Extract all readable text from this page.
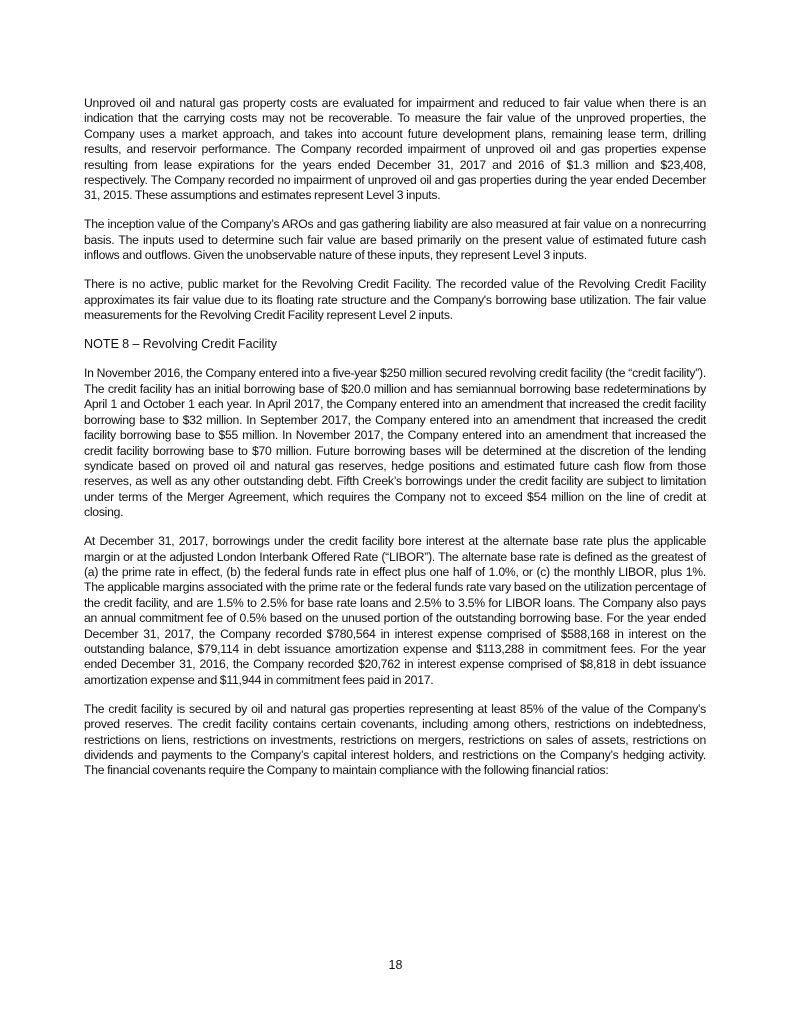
Unproved oil and natural gas property costs are evaluated for impairment and reduced to fair value when there is an indication that the carrying costs may not be recoverable. To measure the fair value of the unproved properties, the Company uses a market approach, and takes into account future development plans, remaining lease term, drilling results, and reservoir performance. The Company recorded impairment of unproved oil and gas properties expense resulting from lease expirations for the years ended December 31, 2017 and 2016 of $1.3 million and $23,408, respectively. The Company recorded no impairment of unproved oil and gas properties during the year ended December 31, 2015. These assumptions and estimates represent Level 3 inputs.

The inception value of the Company’s AROs and gas gathering liability are also measured at fair value on a nonrecurring basis. The inputs used to determine such fair value are based primarily on the present value of estimated future cash inflows and outflows. Given the unobservable nature of these inputs, they represent Level 3 inputs.

There is no active, public market for the Revolving Credit Facility. The recorded value of the Revolving Credit Facility approximates its fair value due to its floating rate structure and the Company's borrowing base utilization. The fair value measurements for the Revolving Credit Facility represent Level 2 inputs.

NOTE 8 – Revolving Credit Facility

In November 2016, the Company entered into a five-year $250 million secured revolving credit facility (the “credit facility”). The credit facility has an initial borrowing base of $20.0 million and has semiannual borrowing base redeterminations by April 1 and October 1 each year. In April 2017, the Company entered into an amendment that increased the credit facility borrowing base to $32 million. In September 2017, the Company entered into an amendment that increased the credit facility borrowing base to $55 million. In November 2017, the Company entered into an amendment that increased the credit facility borrowing base to $70 million. Future borrowing bases will be determined at the discretion of the lending syndicate based on proved oil and natural gas reserves, hedge positions and estimated future cash flow from those reserves, as well as any other outstanding debt. Fifth Creek’s borrowings under the credit facility are subject to limitation under terms of the Merger Agreement, which requires the Company not to exceed $54 million on the line of credit at closing.

At December 31, 2017, borrowings under the credit facility bore interest at the alternate base rate plus the applicable margin or at the adjusted London Interbank Offered Rate (“LIBOR”). The alternate base rate is defined as the greatest of (a) the prime rate in effect, (b) the federal funds rate in effect plus one half of 1.0%, or (c) the monthly LIBOR, plus 1%. The applicable margins associated with the prime rate or the federal funds rate vary based on the utilization percentage of the credit facility, and are 1.5% to 2.5% for base rate loans and 2.5% to 3.5% for LIBOR loans. The Company also pays an annual commitment fee of 0.5% based on the unused portion of the outstanding borrowing base. For the year ended December 31, 2017, the Company recorded $780,564 in interest expense comprised of $588,168 in interest on the outstanding balance, $79,114 in debt issuance amortization expense and $113,288 in commitment fees. For the year ended December 31, 2016, the Company recorded $20,762 in interest expense comprised of $8,818 in debt issuance amortization expense and $11,944 in commitment fees paid in 2017.

The credit facility is secured by oil and natural gas properties representing at least 85% of the value of the Company’s proved reserves. The credit facility contains certain covenants, including among others, restrictions on indebtedness, restrictions on liens, restrictions on investments, restrictions on mergers, restrictions on sales of assets, restrictions on dividends and payments to the Company’s capital interest holders, and restrictions on the Company’s hedging activity. The financial covenants require the Company to maintain compliance with the following financial ratios:

18
